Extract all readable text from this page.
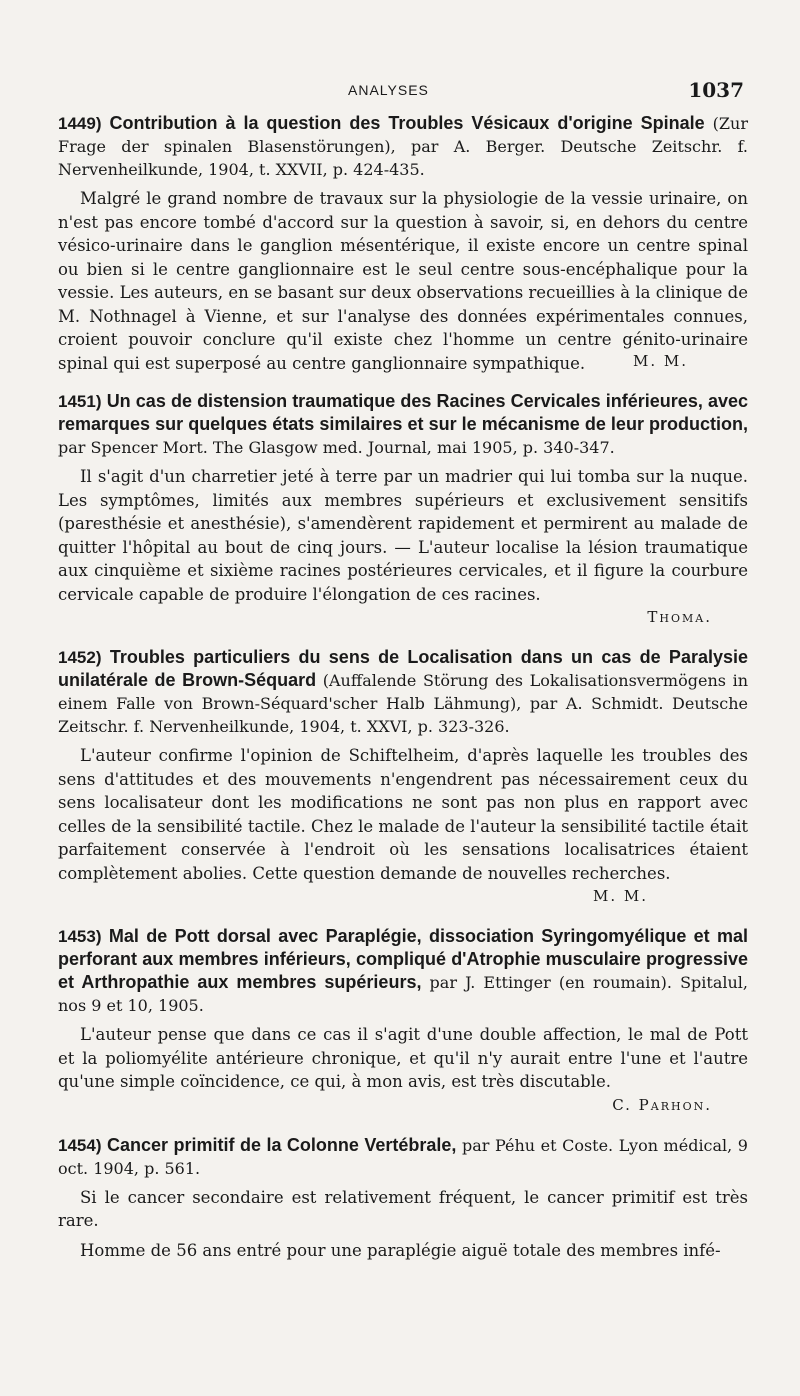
ANALYSES	1037

1449) Contribution à la question des Troubles Vésicaux d'origine Spinale (Zur Frage der spinalen Blasenstörungen), par A. Berger. Deutsche Zeitschr. f. Nervenheilkunde, 1904, t. XXVII, p. 424-435.

Malgré le grand nombre de travaux sur la physiologie de la vessie urinaire, on n'est pas encore tombé d'accord sur la question à savoir, si, en dehors du centre vésico-urinaire dans le ganglion mésentérique, il existe encore un centre spinal ou bien si le centre ganglionnaire est le seul centre sous-encéphalique pour la vessie. Les auteurs, en se basant sur deux observations recueillies à la clinique de M. Nothnagel à Vienne, et sur l'analyse des données expérimentales connues, croient pouvoir conclure qu'il existe chez l'homme un centre génito-urinaire spinal qui est superposé au centre ganglionnaire sympathique.	M. M.

1451) Un cas de distension traumatique des Racines Cervicales inférieures, avec remarques sur quelques états similaires et sur le mécanisme de leur production, par Spencer Mort. The Glasgow med. Journal, mai 1905, p. 340-347.

Il s'agit d'un charretier jeté à terre par un madrier qui lui tomba sur la nuque. Les symptômes, limités aux membres supérieurs et exclusivement sensitifs (paresthésie et anesthésie), s'amendèrent rapidement et permirent au malade de quitter l'hôpital au bout de cinq jours. — L'auteur localise la lésion traumatique aux cinquième et sixième racines postérieures cervicales, et il figure la courbure cervicale capable de produire l'élongation de ces racines.

Thoma.

1452) Troubles particuliers du sens de Localisation dans un cas de Paralysie unilatérale de Brown-Séquard (Auffalende Störung des Lokalisationsvermögens in einem Falle von Brown-Séquard'scher Halb Lähmung), par A. Schmidt. Deutsche Zeitschr. f. Nervenheilkunde, 1904, t. XXVI, p. 323-326.

L'auteur confirme l'opinion de Schiftelheim, d'après laquelle les troubles des sens d'attitudes et des mouvements n'engendrent pas nécessairement ceux du sens localisateur dont les modifications ne sont pas non plus en rapport avec celles de la sensibilité tactile. Chez le malade de l'auteur la sensibilité tactile était parfaitement conservée à l'endroit où les sensations localisatrices étaient complètement abolies. Cette question demande de nouvelles recherches.

M. M.

1453) Mal de Pott dorsal avec Paraplégie, dissociation Syringomyélique et mal perforant aux membres inférieurs, compliqué d'Atrophie musculaire progressive et Arthropathie aux membres supérieurs, par J. Ettinger (en roumain). Spitalul, nos 9 et 10, 1905.

L'auteur pense que dans ce cas il s'agit d'une double affection, le mal de Pott et la poliomyélite antérieure chronique, et qu'il n'y aurait entre l'une et l'autre qu'une simple coïncidence, ce qui, à mon avis, est très discutable.

C. Parhon.

1454) Cancer primitif de la Colonne Vertébrale, par Péhu et Coste. Lyon médical, 9 oct. 1904, p. 561.

Si le cancer secondaire est relativement fréquent, le cancer primitif est très rare.

Homme de 56 ans entré pour une paraplégie aiguë totale des membres infé-
